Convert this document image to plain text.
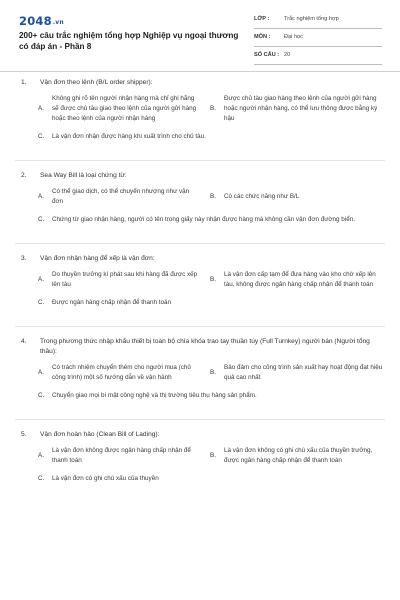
2048.vn
200+ câu trắc nghiệm tổng hợp Nghiệp vụ ngoại thương có đáp án - Phần 8
LỚP :	Trắc nghiệm tổng hợp
MÔN : Đại học
SỐ CÂU : 20
1. Vận đơn theo lệnh (B/L order shipper):
A.
Không ghi rõ tên người nhận hàng mà chỉ ghi hãng sẽ được chủ tàu giao theo lệnh của người gửi hàng hoặc theo lệnh của người nhận hàng
B.
Được chủ tàu giao hàng theo lệnh của người gửi hàng hoặc người nhận hàng, có thể lưu thông được bằng ký hậu
C. Là vận đơn nhận được hàng khi xuất trình cho chủ tàu.
2. Sea Way Bill là loại chứng từ:
A.
Có thể giao dịch, có thể chuyển nhượng như vận đơn
B. Có các chức năng như B/L
C. Chứng từ giao nhận hàng, người có tên trong giấy này nhận được hàng mà không cần vận đơn đường biển.
3. Vận đơn nhận hàng để xếp là vận đơn:
A.
Do thuyền trưởng kí phát sau khi hàng đã được xếp lên tàu
B.
Là vận đơn cấp tạm để đưa hàng vào kho chờ xếp lên tàu, không được ngân hàng chấp nhận để thanh toán
C. Được ngân hàng chấp nhận để thanh toán
4. Trong phương thức nhập khẩu thiết bị toàn bộ chìa khóa trao tay thuần túy (Full Turnkey) người bán (Người tổng thầu):
A.
Có trách nhiệm chuyển thêm cho người mua (chủ công trình) một số hướng dẫn về vận hành
B.
Bảo đảm cho công trình sản xuất hay hoạt động đạt hiệu quả cao nhất
C. Chuyển giao mọi bí mật công nghệ và thị trường tiêu thụ hàng sản phẩm.
5. Vận đơn hoàn hảo (Clean Bill of Lading):
A.
Là vận đơn không được ngân hàng chấp nhận để thanh toán
B.
Là vận đơn không có ghi chú xấu của thuyền trưởng, được ngân hàng chấp nhận để thanh toán
C. Là vận đơn có ghi chú xấu của thuyền
